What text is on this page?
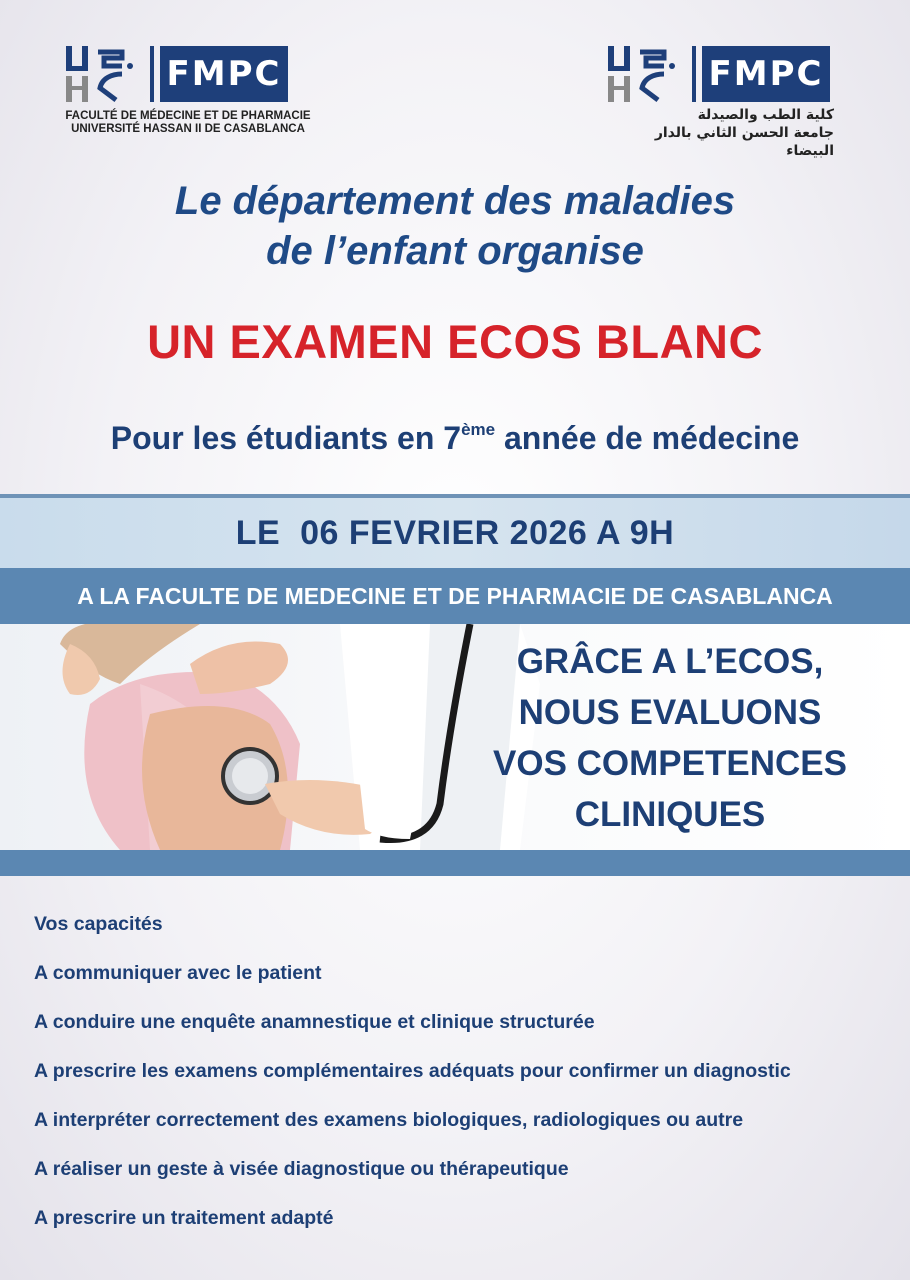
FMPC
FACULTÉ DE MÉDECINE ET DE PHARMACIE
UNIVERSITÉ HASSAN II DE CASABLANCA
FMPC
كلية الطب والصيدلة
جامعة الحسن الثاني بالدار البيضاء
Le département des maladies
de l’enfant organise
UN EXAMEN ECOS BLANC
Pour les étudiants en 7ème année de médecine
LE  06 FEVRIER 2026 A 9H
A LA FACULTE DE MEDECINE ET DE PHARMACIE DE CASABLANCA
GRÂCE A L’ECOS,
NOUS EVALUONS
VOS COMPETENCES
CLINIQUES
Vos capacités
A communiquer avec le patient
A conduire une enquête anamnestique et clinique structurée
A prescrire les examens complémentaires adéquats pour confirmer un diagnostic
A interpréter correctement des examens biologiques, radiologiques ou autre
A réaliser un geste à visée diagnostique ou thérapeutique
A prescrire un traitement adapté
